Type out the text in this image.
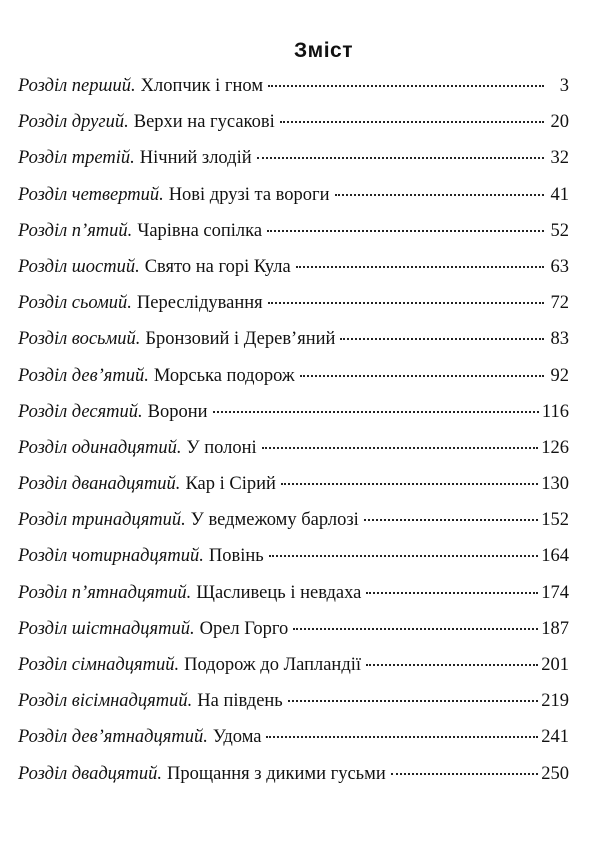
Зміст
Розділ перший. Хлопчик і гном	3
Розділ другий. Верхи на гусакові	20
Розділ третій. Нічний злодій	32
Розділ четвертий. Нові друзі та вороги	41
Розділ п’ятий. Чарівна сопілка	52
Розділ шостий. Свято на горі Кула	63
Розділ сьомий. Переслідування	72
Розділ восьмий. Бронзовий і Дерев’яний	83
Розділ дев’ятий. Морська подорож	92
Розділ десятий. Ворони	116
Розділ одинадцятий. У полоні	126
Розділ дванадцятий. Кар і Сірий	130
Розділ тринадцятий. У ведмежому барлозі	152
Розділ чотирнадцятий. Повінь	164
Розділ п’ятнадцятий. Щасливець і невдаха	174
Розділ шістнадцятий. Орел Горго	187
Розділ сімнадцятий. Подорож до Лапландії	201
Розділ вісімнадцятий. На південь	219
Розділ дев’ятнадцятий. Удома	241
Розділ двадцятий. Прощання з дикими гусьми	250
